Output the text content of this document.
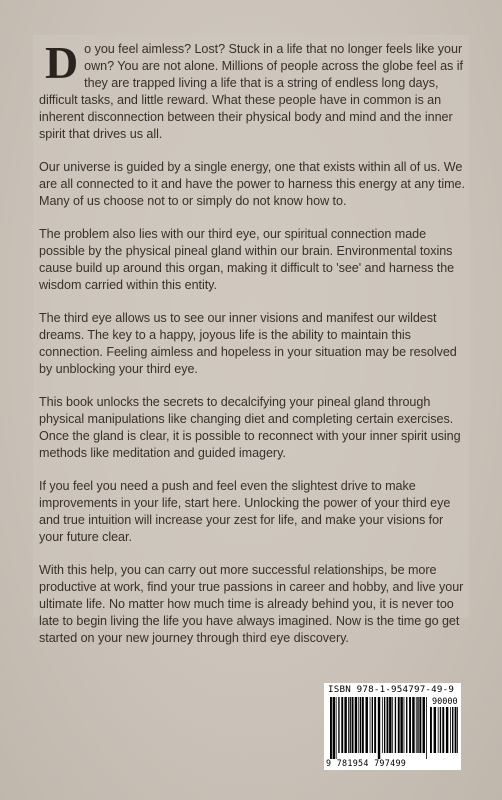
Do you feel aimless? Lost? Stuck in a life that no longer feels like your own? You are not alone. Millions of people across the globe feel as if they are trapped living a life that is a string of endless long days, difficult tasks, and little reward. What these people have in common is an inherent disconnection between their physical body and mind and the inner spirit that drives us all.

Our universe is guided by a single energy, one that exists within all of us. We are all connected to it and have the power to harness this energy at any time. Many of us choose not to or simply do not know how to.

The problem also lies with our third eye, our spiritual connection made possible by the physical pineal gland within our brain. Environmental toxins cause build up around this organ, making it difficult to 'see' and harness the wisdom carried within this entity.

The third eye allows us to see our inner visions and manifest our wildest dreams. The key to a happy, joyous life is the ability to maintain this connection. Feeling aimless and hopeless in your situation may be resolved by unblocking your third eye.

This book unlocks the secrets to decalcifying your pineal gland through physical manipulations like changing diet and completing certain exercises. Once the gland is clear, it is possible to reconnect with your inner spirit using methods like meditation and guided imagery.

If you feel you need a push and feel even the slightest drive to make improvements in your life, start here. Unlocking the power of your third eye and true intuition will increase your zest for life, and make your visions for your future clear.

With this help, you can carry out more successful relationships, be more productive at work, find your true passions in career and hobby, and live your ultimate life. No matter how much time is already behind you, it is never too late to begin living the life you have always imagined. Now is the time go get started on your new journey through third eye discovery.

ISBN 978-1-954797-49-9
90000
9 781954 797499
